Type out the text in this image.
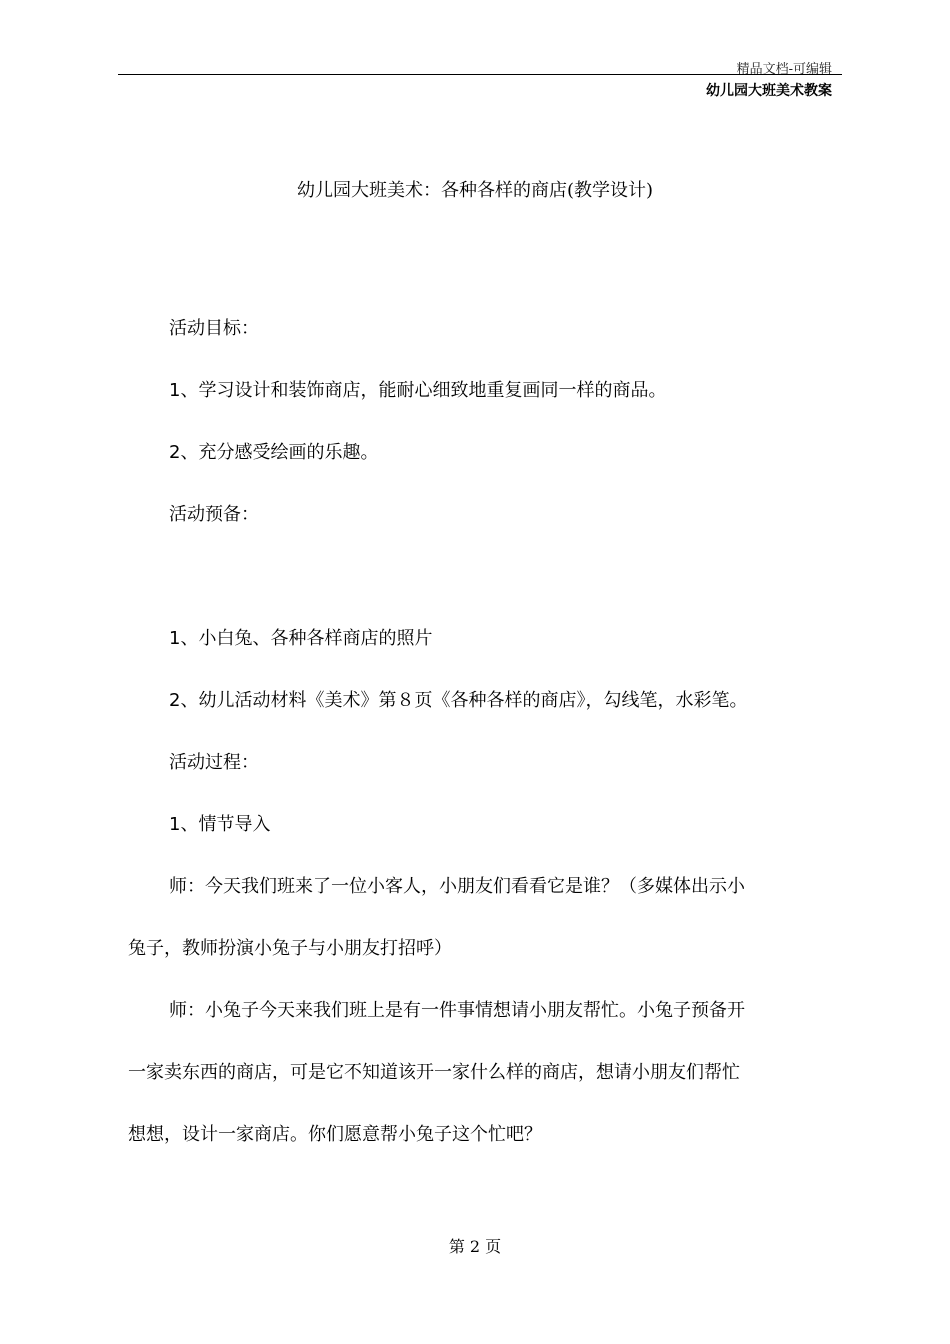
精品文档-可编辑
幼儿园大班美术教案
幼儿园大班美术：各种各样的商店(教学设计)
活动目标：
1、学习设计和装饰商店，能耐心细致地重复画同一样的商品。
2、充分感受绘画的乐趣。
活动预备：
1、小白兔、各种各样商店的照片
2、幼儿活动材料《美术》第８页《各种各样的商店》，勾线笔，水彩笔。
活动过程：
1、情节导入
师：今天我们班来了一位小客人，小朋友们看看它是谁？（多媒体出示小
兔子，教师扮演小兔子与小朋友打招呼）
师：小兔子今天来我们班上是有一件事情想请小朋友帮忙。小兔子预备开
一家卖东西的商店，可是它不知道该开一家什么样的商店，想请小朋友们帮忙
想想，设计一家商店。你们愿意帮小兔子这个忙吧？
第 2 页
